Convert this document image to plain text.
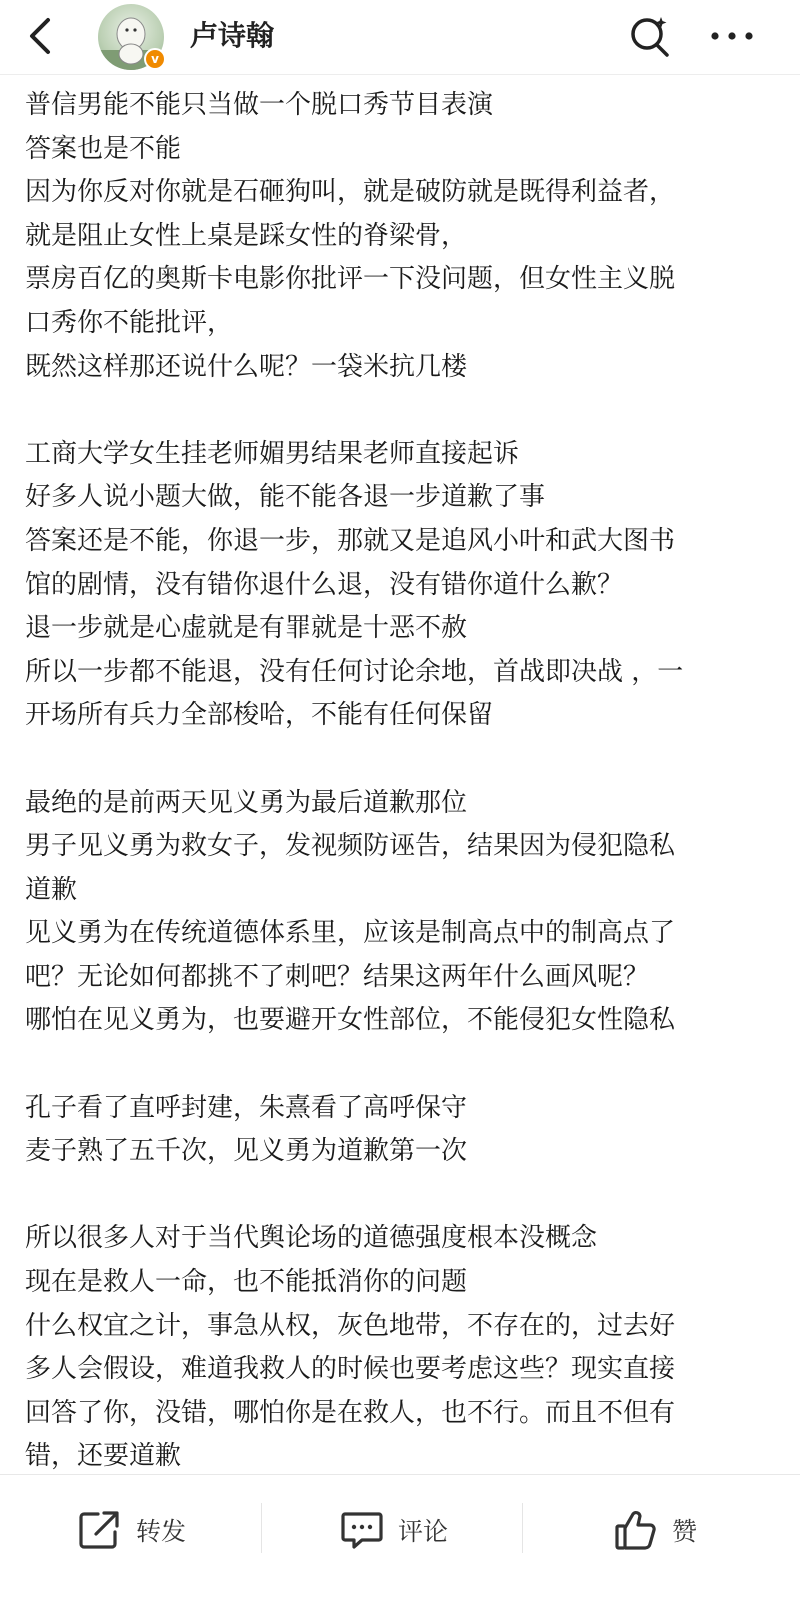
v
卢诗翰
普信男能不能只当做一个脱口秀节目表演
答案也是不能
因为你反对你就是石砸狗叫，就是破防就是既得利益者，
就是阻止女性上桌是踩女性的脊梁骨，
票房百亿的奥斯卡电影你批评一下没问题，但女性主义脱
口秀你不能批评，
既然这样那还说什么呢？一袋米抗几楼
工商大学女生挂老师媚男结果老师直接起诉
好多人说小题大做，能不能各退一步道歉了事
答案还是不能，你退一步，那就又是追风小叶和武大图书
馆的剧情，没有错你退什么退，没有错你道什么歉？
退一步就是心虚就是有罪就是十恶不赦
所以一步都不能退，没有任何讨论余地，首战即决战 ，一
开场所有兵力全部梭哈，不能有任何保留
最绝的是前两天见义勇为最后道歉那位
男子见义勇为救女子，发视频防诬告，结果因为侵犯隐私
道歉
见义勇为在传统道德体系里，应该是制高点中的制高点了
吧？无论如何都挑不了刺吧？结果这两年什么画风呢？
哪怕在见义勇为，也要避开女性部位，不能侵犯女性隐私
孔子看了直呼封建，朱熹看了高呼保守
麦子熟了五千次，见义勇为道歉第一次
所以很多人对于当代舆论场的道德强度根本没概念
现在是救人一命，也不能抵消你的问题
什么权宜之计，事急从权，灰色地带，不存在的，过去好
多人会假设，难道我救人的时候也要考虑这些？现实直接
回答了你，没错，哪怕你是在救人，也不行。而且不但有
错，还要道歉
转发	评论	赞
